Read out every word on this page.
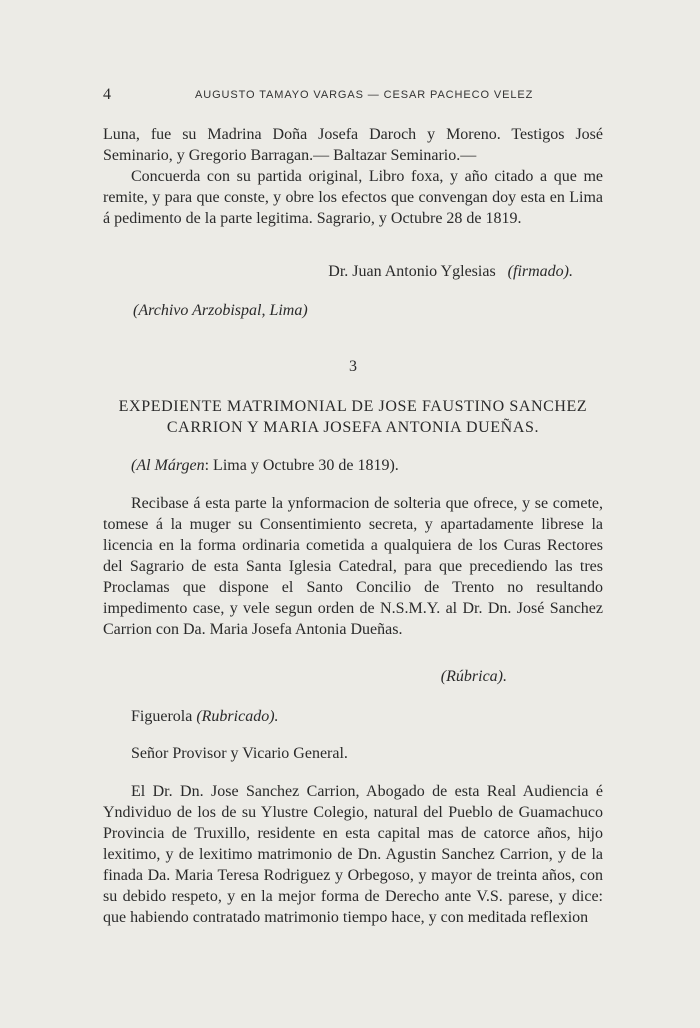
4	AUGUSTO TAMAYO VARGAS — CESAR PACHECO VELEZ

Luna, fue su Madrina Doña Josefa Daroch y Moreno. Testigos José Seminario, y Gregorio Barragan.— Baltazar Seminario.—

Concuerda con su partida original, Libro foxa, y año citado a que me remite, y para que conste, y obre los efectos que convengan doy esta en Lima á pedimento de la parte legitima. Sagrario, y Octubre 28 de 1819.

Dr. Juan Antonio Yglesias (firmado).

(Archivo Arzobispal, Lima)

3

EXPEDIENTE MATRIMONIAL DE JOSE FAUSTINO SANCHEZ

CARRION Y MARIA JOSEFA ANTONIA DUEÑAS.

(Al Márgen: Lima y Octubre 30 de 1819).

Recibase á esta parte la ynformacion de solteria que ofrece, y se comete, tomese á la muger su Consentimiento secreta, y apartadamente librese la licencia en la forma ordinaria cometida a qualquiera de los Curas Rectores del Sagrario de esta Santa Iglesia Catedral, para que precediendo las tres Proclamas que dispone el Santo Concilio de Trento no resultando impedimento case, y vele segun orden de N.S.M.Y. al Dr. Dn. José Sanchez Carrion con Da. Maria Josefa Antonia Dueñas.

(Rúbrica).

Figuerola (Rubricado).

Señor Provisor y Vicario General.

El Dr. Dn. Jose Sanchez Carrion, Abogado de esta Real Audiencia é Yndividuo de los de su Ylustre Colegio, natural del Pueblo de Guamachuco Provincia de Truxillo, residente en esta capital mas de catorce años, hijo lexitimo, y de lexitimo matrimonio de Dn. Agustin Sanchez Carrion, y de la finada Da. Maria Teresa Rodriguez y Orbegoso, y mayor de treinta años, con su debido respeto, y en la mejor forma de Derecho ante V.S. parese, y dice: que habiendo contratado matrimonio tiempo hace, y con meditada reflexion
